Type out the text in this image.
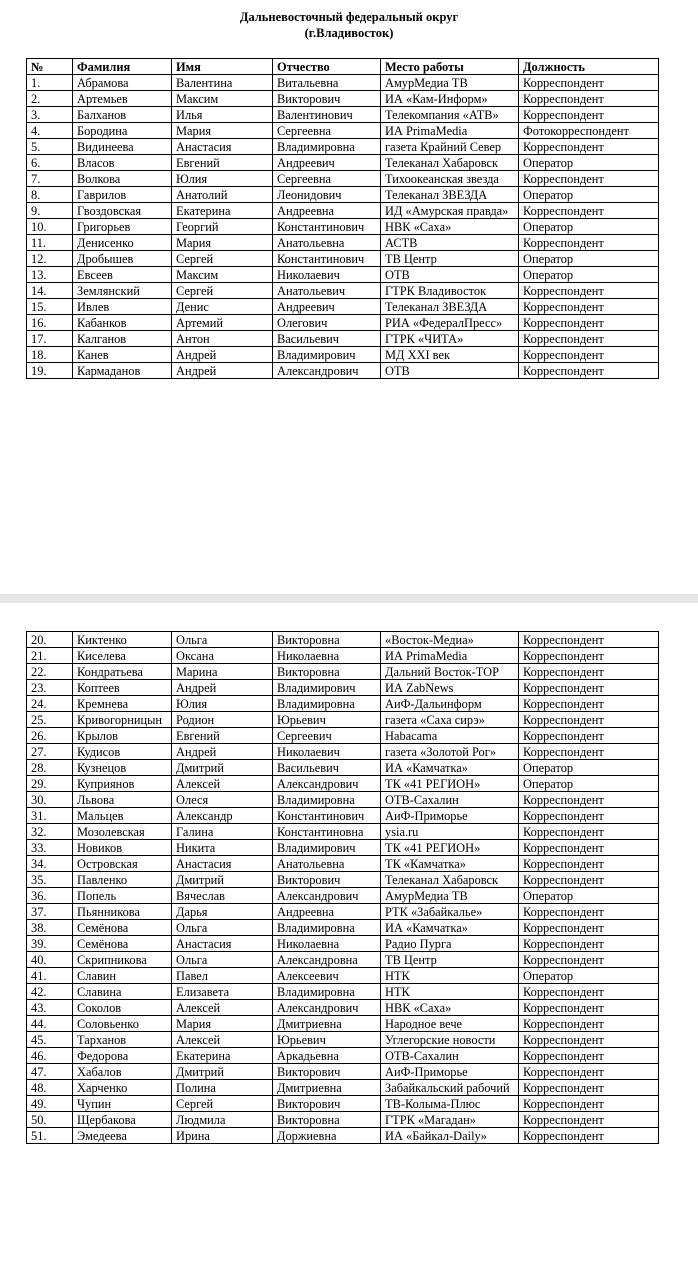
Дальневосточный федеральный округ
(г.Владивосток)
№	Фамилия	Имя	Отчество	Место работы	Должность
1.	Абрамова	Валентина	Витальевна	АмурМедиа ТВ	Корреспондент
2.	Артемьев	Максим	Викторович	ИА «Кам-Информ»	Корреспондент
3.	Балханов	Илья	Валентинович	Телекомпания «АТВ»	Корреспондент
4.	Бородина	Мария	Сергеевна	ИА PrimaMedia	Фотокорреспондент
5.	Видинеева	Анастасия	Владимировна	газета Крайний Север	Корреспондент
6.	Власов	Евгений	Андреевич	Телеканал Хабаровск	Оператор
7.	Волкова	Юлия	Сергеевна	Тихоокеанская звезда	Корреспондент
8.	Гаврилов	Анатолий	Леонидович	Телеканал ЗВЕЗДА	Оператор
9.	Гвоздовская	Екатерина	Андреевна	ИД «Амурская правда»	Корреспондент
10.	Григорьев	Георгий	Константинович	НВК «Саха»	Оператор
11.	Денисенко	Мария	Анатольевна	АСТВ	Корреспондент
12.	Дробышев	Сергей	Константинович	ТВ Центр	Оператор
13.	Евсеев	Максим	Николаевич	ОТВ	Оператор
14.	Землянский	Сергей	Анатольевич	ГТРК Владивосток	Корреспондент
15.	Ивлев	Денис	Андреевич	Телеканал ЗВЕЗДА	Корреспондент
16.	Кабанков	Артемий	Олегович	РИА «ФедералПресс»	Корреспондент
17.	Калганов	Антон	Васильевич	ГТРК «ЧИТА»	Корреспондент
18.	Канев	Андрей	Владимирович	МД XXI век	Корреспондент
19.	Кармаданов	Андрей	Александрович	ОТВ	Корреспондент
20.	Киктенко	Ольга	Викторовна	«Восток-Медиа»	Корреспондент
21.	Киселева	Оксана	Николаевна	ИА PrimaMedia	Корреспондент
22.	Кондратьева	Марина	Викторовна	Дальний Восток-ТОР	Корреспондент
23.	Коптеев	Андрей	Владимирович	ИА ZabNews	Корреспондент
24.	Кремнева	Юлия	Владимировна	АиФ-Дальинформ	Корреспондент
25.	Кривогорницын	Родион	Юрьевич	газета «Саха сирэ»	Корреспондент
26.	Крылов	Евгений	Сергеевич	Habacama	Корреспондент
27.	Кудисов	Андрей	Николаевич	газета «Золотой Рог»	Корреспондент
28.	Кузнецов	Дмитрий	Васильевич	ИА «Камчатка»	Оператор
29.	Куприянов	Алексей	Александрович	ТК «41 РЕГИОН»	Оператор
30.	Львова	Олеся	Владимировна	ОТВ-Сахалин	Корреспондент
31.	Мальцев	Александр	Константинович	АиФ-Приморье	Корреспондент
32.	Мозолевская	Галина	Константиновна	ysia.ru	Корреспондент
33.	Новиков	Никита	Владимирович	ТК «41 РЕГИОН»	Корреспондент
34.	Островская	Анастасия	Анатольевна	ТК «Камчатка»	Корреспондент
35.	Павленко	Дмитрий	Викторович	Телеканал Хабаровск	Корреспондент
36.	Попель	Вячеслав	Александрович	АмурМедиа ТВ	Оператор
37.	Пьянникова	Дарья	Андреевна	РТК «Забайкалье»	Корреспондент
38.	Семёнова	Ольга	Владимировна	ИА «Камчатка»	Корреспондент
39.	Семёнова	Анастасия	Николаевна	Радио Пурга	Корреспондент
40.	Скрипникова	Ольга	Александровна	ТВ Центр	Корреспондент
41.	Славин	Павел	Алексеевич	НТК	Оператор
42.	Славина	Елизавета	Владимировна	НТК	Корреспондент
43.	Соколов	Алексей	Александрович	НВК «Саха»	Корреспондент
44.	Соловьенко	Мария	Дмитриевна	Народное вече	Корреспондент
45.	Тарханов	Алексей	Юрьевич	Углегорские новости	Корреспондент
46.	Федорова	Екатерина	Аркадьевна	ОТВ-Сахалин	Корреспондент
47.	Хабалов	Дмитрий	Викторович	АиФ-Приморье	Корреспондент
48.	Харченко	Полина	Дмитриевна	Забайкальский рабочий	Корреспондент
49.	Чупин	Сергей	Викторович	ТВ-Колыма-Плюс	Корреспондент
50.	Щербакова	Людмила	Викторовна	ГТРК «Магадан»	Корреспондент
51.	Эмедеева	Ирина	Доржиевна	ИА «Байкал-Daily»	Корреспондент
